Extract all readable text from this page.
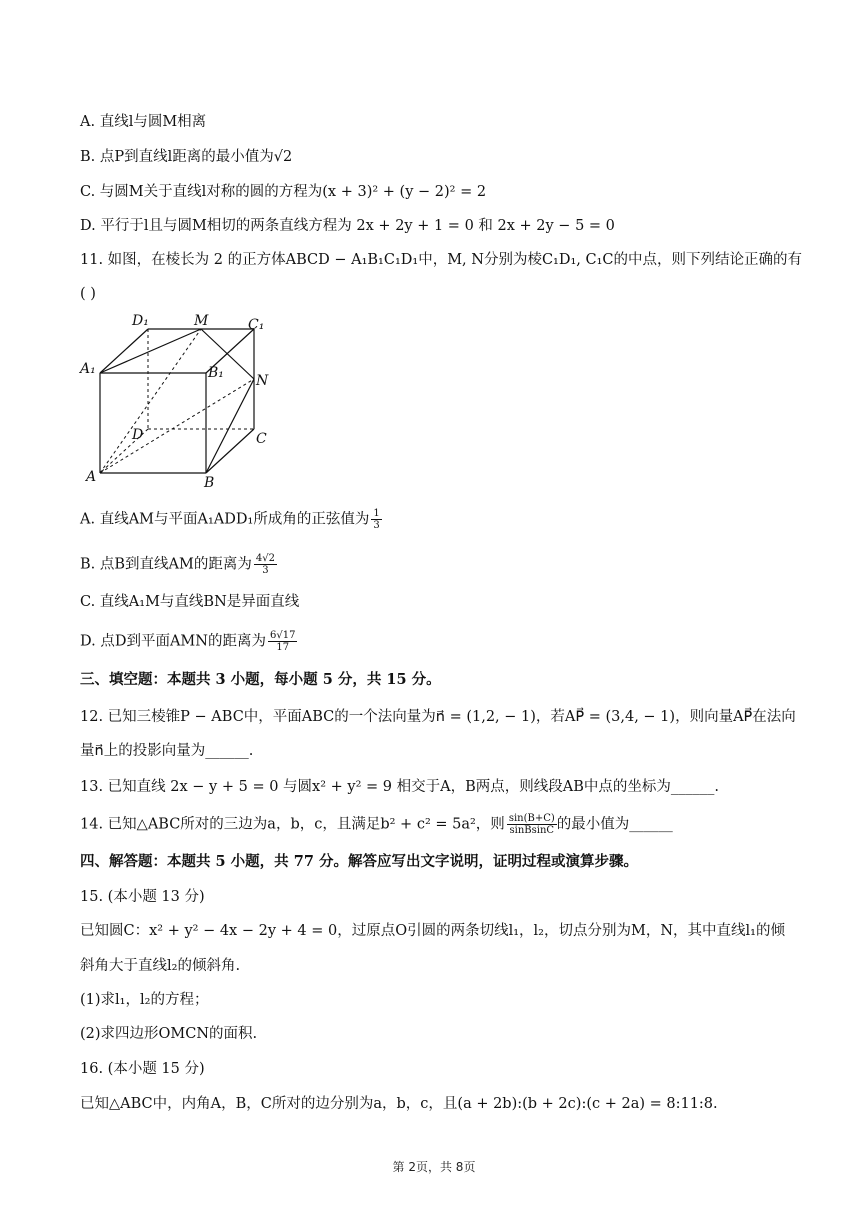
A. 直线l与圆M相离

B. 点P到直线l距离的最小值为√2

C. 与圆M关于直线l对称的圆的方程为(x + 3)² + (y − 2)² = 2

D. 平行于l且与圆M相切的两条直线方程为 2x + 2y + 1 = 0 和 2x + 2y − 5 = 0

11. 如图，在棱长为 2 的正方体ABCD − A₁B₁C₁D₁中，M, N分别为棱C₁D₁, C₁C的中点，则下列结论正确的有

( )

D₁	M	C₁
A₁	B₁ N
D	C
A	B

A. 直线AM与平面A₁ADD₁所成角的正弦值为 $\frac{1}{3}$

B. 点B到直线AM的距离为 $\frac{4√2}{3}$

C. 直线A₁M与直线BN是异面直线

D. 点D到平面AMN的距离为 $\frac{6√17}{17}$

三、填空题：本题共 3 小题，每小题 5 分，共 15 分。

12. 已知三棱锥P − ABC中，平面ABC的一个法向量为n⃗ = (1,2, − 1)，若AP⃗ = (3,4, − 1)，则向量AP⃗在法向

量n⃗上的投影向量为______.

13. 已知直线 2x − y + 5 = 0 与圆x² + y² = 9 相交于A，B两点，则线段AB中点的坐标为______.

14. 已知△ABC所对的三边为a，b，c，且满足b² + c² = 5a²，则 $\frac{\sin(B+C)}{\text{sinBsinC}}$ 的最小值为______

四、解答题：本题共 5 小题，共 77 分。解答应写出文字说明，证明过程或演算步骤。

15. (本小题 13 分)

已知圆C：x² + y² − 4x − 2y + 4 = 0，过原点O引圆的两条切线l₁，l₂，切点分别为M，N，其中直线l₁的倾

斜角大于直线l₂的倾斜角.

(1)求l₁，l₂的方程；

(2)求四边形OMCN的面积.

16. (本小题 15 分)

已知△ABC中，内角A，B，C所对的边分别为a，b，c，且(a + 2b):(b + 2c):(c + 2a) = 8:11:8.

第 2页，共 8页
